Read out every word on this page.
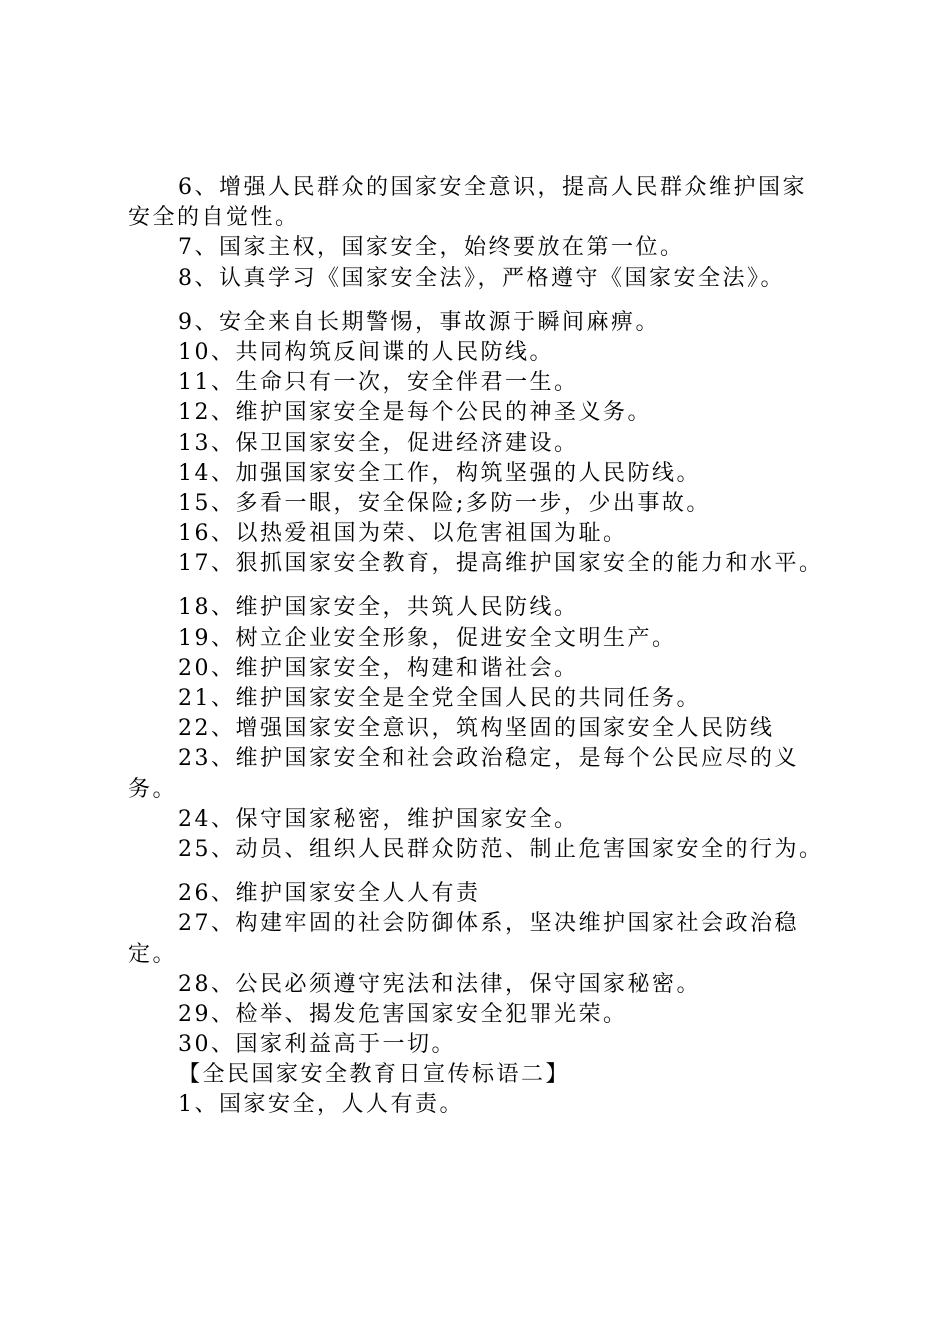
6、增强人民群众的国家安全意识，提高人民群众维护国家
安全的自觉性。
7、国家主权，国家安全，始终要放在第一位。
8、认真学习《国家安全法》，严格遵守《国家安全法》。
9、安全来自长期警惕，事故源于瞬间麻痹。
10、共同构筑反间谍的人民防线。
11、生命只有一次，安全伴君一生。
12、维护国家安全是每个公民的神圣义务。
13、保卫国家安全，促进经济建设。
14、加强国家安全工作，构筑坚强的人民防线。
15、多看一眼，安全保险;多防一步，少出事故。
16、以热爱祖国为荣、以危害祖国为耻。
17、狠抓国家安全教育，提高维护国家安全的能力和水平。
18、维护国家安全，共筑人民防线。
19、树立企业安全形象，促进安全文明生产。
20、维护国家安全，构建和谐社会。
21、维护国家安全是全党全国人民的共同任务。
22、增强国家安全意识，筑构坚固的国家安全人民防线
23、维护国家安全和社会政治稳定，是每个公民应尽的义
务。
24、保守国家秘密，维护国家安全。
25、动员、组织人民群众防范、制止危害国家安全的行为。
26、维护国家安全人人有责
27、构建牢固的社会防御体系，坚决维护国家社会政治稳
定。
28、公民必须遵守宪法和法律，保守国家秘密。
29、检举、揭发危害国家安全犯罪光荣。
30、国家利益高于一切。
【全民国家安全教育日宣传标语二】
1、国家安全，人人有责。
